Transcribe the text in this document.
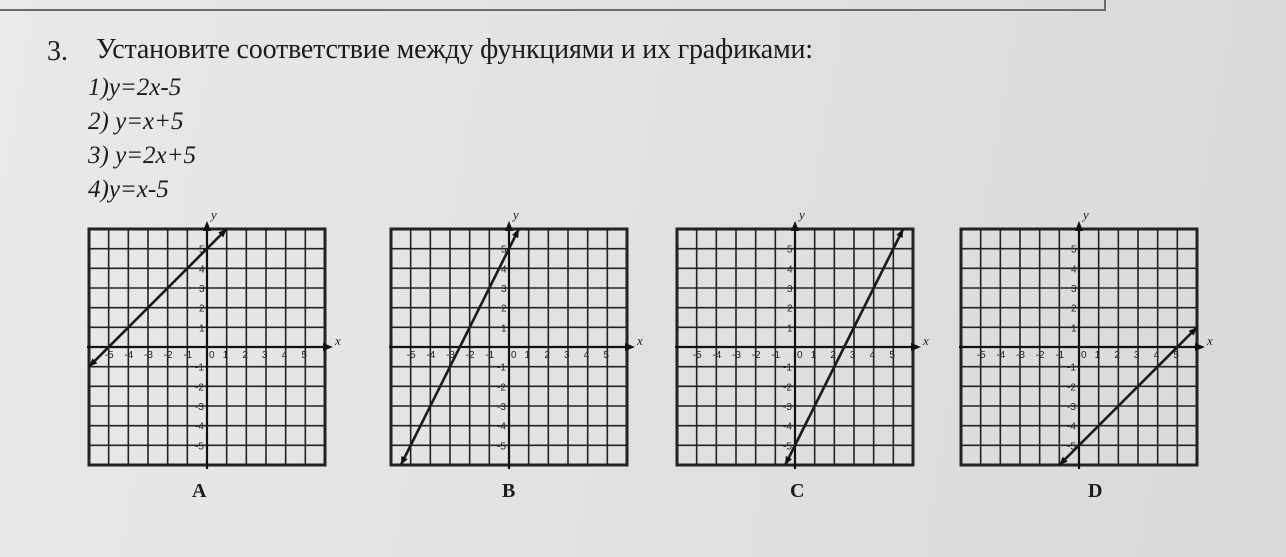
3. Установите соответствие между функциями и их графиками:
1)y=2x-5
2) y=x+5
3) y=2x+5
4)y=x-5
y
x
-5
-5
-4
-4
-3
-3
-2
-2
-1
-1
0 1
1
2
2
3
3
4
4
5
5
y
x
-5
-5
-4
-4
-3
-3
-2
-2
-1
-1
0 1
1
2
2
3
3
4
4
5
5
y
x
-5
-5
-4
-4
-3
-3
-2
-2
-1
-1
0 1
1
2
2
3
3
4
4
5
5
y
x
-5
-5
-4
-4
-3
-3
-2
-2
-1
-1
0 1
1
2
2
3
3
4
4
5
5
A	B	C	D
